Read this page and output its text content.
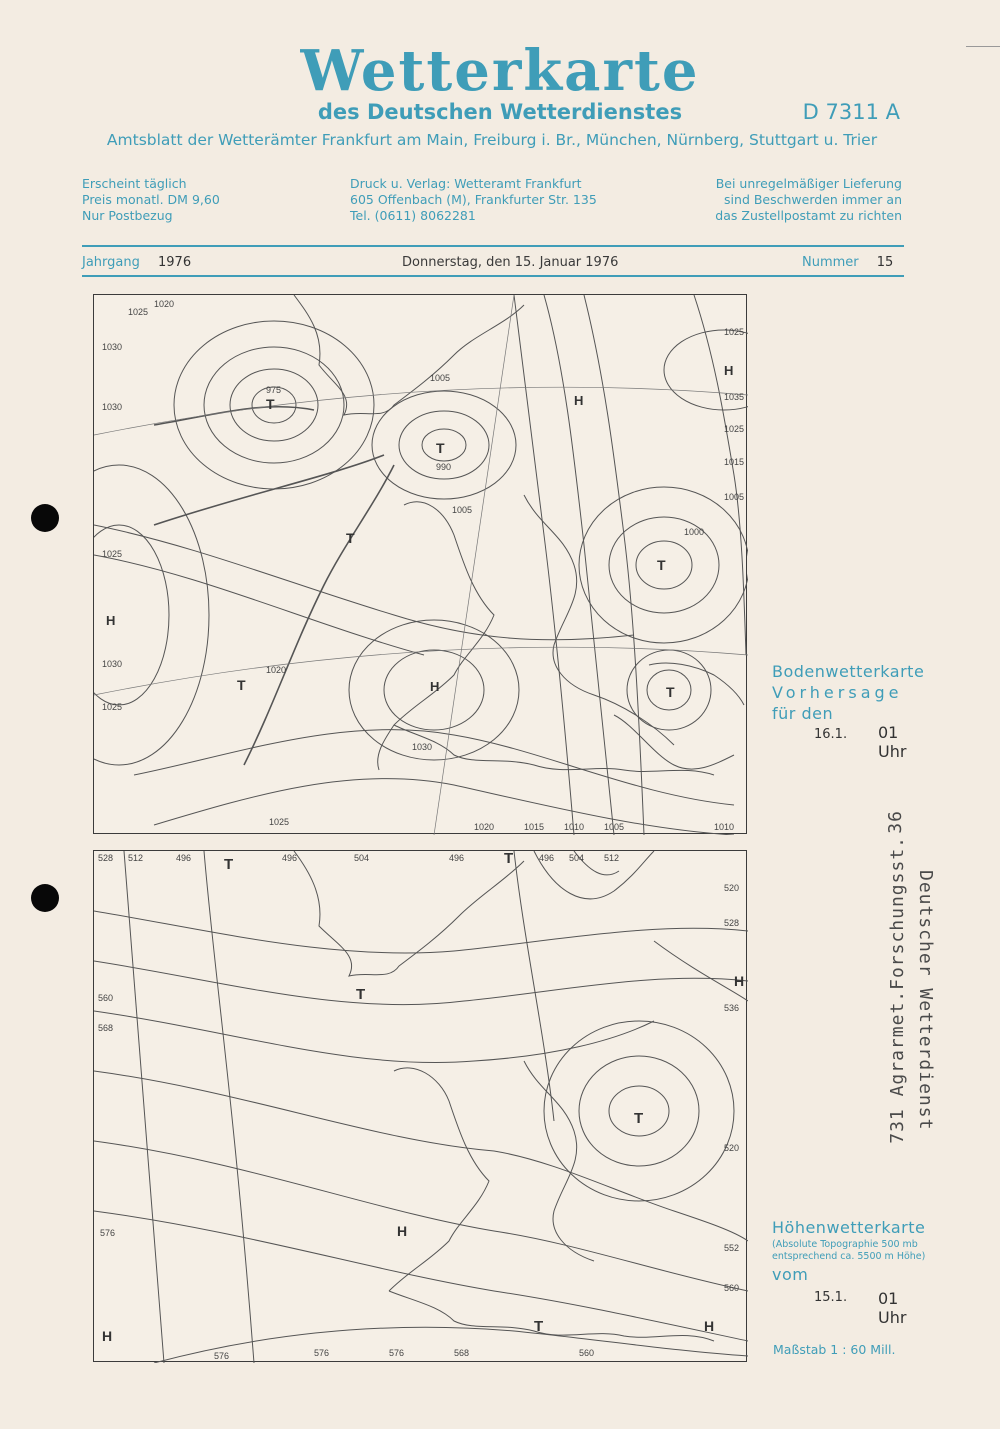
Wetterkarte
des Deutschen Wetterdienstes	D 7311 A
Amtsblatt der Wetterämter Frankfurt am Main, Freiburg i. Br., München, Nürnberg, Stuttgart u. Trier
Erscheint täglich
Preis monatl. DM 9,60
Nur Postbezug
Druck u. Verlag: Wetteramt Frankfurt
605 Offenbach (M), Frankfurter Str. 135
Tel. (0611) 8062281
Bei unregelmäßiger Lieferung
sind Beschwerden immer an
das Zustellpostamt zu richten
Jahrgang 1976	Donnerstag, den 15. Januar 1976	Nummer 15
1025
1020
1030
1030
1025
1030
1025
1025
1035
1025
1015
1005
1000
975
990
1005
1005
1020
1030
1020	1015 1010 1005	1010
1025
T
T
T
T
T	T
H
H
H
H
Bodenwetterkarte
Vorhersage
für den
16.1. 01 Uhr
528 512	496	496	504	496	496 504 512
520
528
536
520
552
560
560
568
576
576	576	576	568	560
T	T
T
T
T
H
H
H
H
Höhenwetterkarte
(Absolute Topographie 500 mb
entsprechend ca. 5500 m Höhe)
vom
15.1. 01 Uhr
Maßstab 1 : 60 Mill.
36
731 Agrarmet.Forschungsst. Deutscher Wetterdienst
